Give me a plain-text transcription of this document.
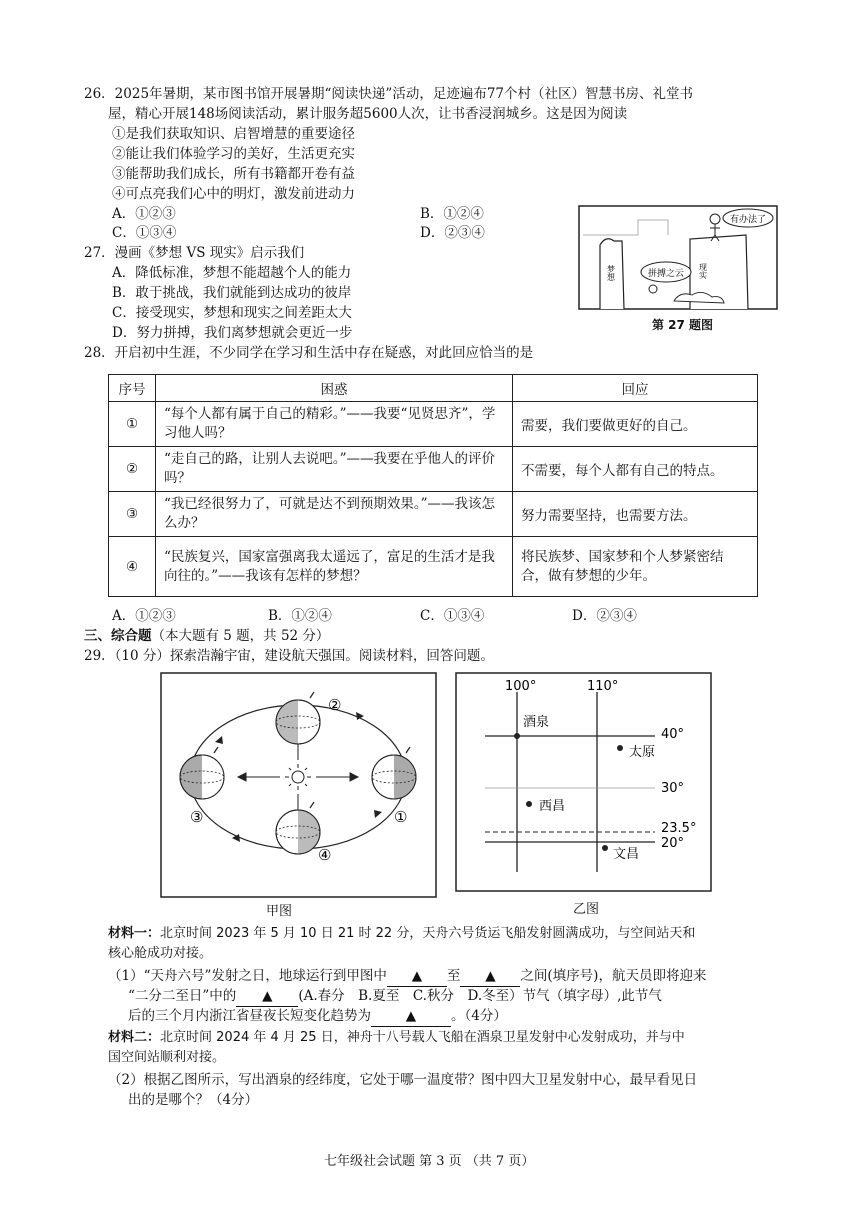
26．2025年暑期，某市图书馆开展暑期“阅读快递”活动，足迹遍布77个村（社区）智慧书房、礼堂书
屋，精心开展148场阅读活动，累计服务超5600人次，让书香浸润城乡。这是因为阅读
①是我们获取知识、启智增慧的重要途径
②能让我们体验学习的美好，生活更充实
③能帮助我们成长，所有书籍都开卷有益
④可点亮我们心中的明灯，激发前进动力
A．①②③	B．①②④
C．①③④	D．②③④
27．漫画《梦想 VS 现实》启示我们
A．降低标准，梦想不能超越个人的能力
B．敢于挑战，我们就能到达成功的彼岸
C．接受现实，梦想和现实之间差距太大
D．努力拼搏，我们离梦想就会更近一步
有办法了
拼搏之云
梦想	现实
第 27 题图
28．开启初中生涯，不少同学在学习和生活中存在疑惑，对此回应恰当的是
序号	困惑	回应
①	“每个人都有属于自己的精彩。”——我要“见贤思齐”，学习他人吗？	需要，我们要做更好的自己。
②	“走自己的路，让别人去说吧。”——我要在乎他人的评价吗？	不需要，每个人都有自己的特点。
③	“我已经很努力了，可就是达不到预期效果。”——我该怎么办？	努力需要坚持，也需要方法。
④	“民族复兴，国家富强离我太遥远了，富足的生活才是我向往的。”——我该有怎样的梦想？	将民族梦、国家梦和个人梦紧密结合，做有梦想的少年。
A．①②③	B．①②④	C．①③④	D．②③④
三、综合题（本大题有 5 题，共 52 分）
29．（10 分）探索浩瀚宇宙，建设航天强国。阅读材料，回答问题。
②
③	①
④
甲图
100°	110°
40°
30°
23.5°
20°
酒泉
太原
西昌
文昌
乙图
材料一：北京时间 2023 年 5 月 10 日 21 时 22 分，天舟六号货运飞船发射圆满成功，与空间站天和
核心舱成功对接。
（1）“天舟六号”发射之日，地球运行到甲图中 ▲ 至 ▲ 之间(填序号)，航天员即将迎来
“二分二至日”中的 ▲ (A.春分　B.夏至　C.秋分　D.冬至）节气（填字母）,此节气
后的三个月内浙江省昼夜长短变化趋势为	▲	。（4分）
材料二：北京时间 2024 年 4 月 25 日，神舟十八号载人飞船在酒泉卫星发射中心发射成功，并与中
国空间站顺利对接。
（2）根据乙图所示，写出酒泉的经纬度，它处于哪一温度带？图中四大卫星发射中心，最早看见日
出的是哪个？（4分）
七年级社会试题 第 3 页 （共 7 页）
